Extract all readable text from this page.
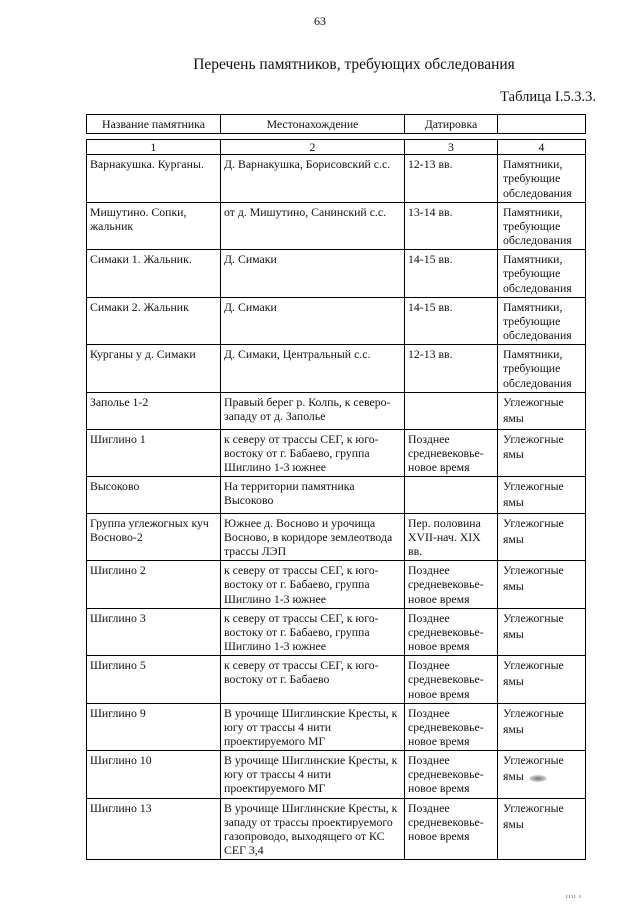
63
Перечень памятников, требующих обследования
Таблица I.5.3.3.
Название памятника	Местонахождение	Датировка	

1	2	3	4
Варнакушка. Курганы.	Д. Варнакушка, Борисовский с.с.	12-13 вв.	Памятники, требующие обследования
Мишутино. Сопки, жальник	от д. Мишутино, Санинский с.с.	13-14 вв.	Памятники, требующие обследования
Симаки 1. Жальник.	Д. Симаки	14-15 вв.	Памятники, требующие обследования
Симаки 2. Жальник	Д. Симаки	14-15 вв.	Памятники, требующие обследования
Курганы у д. Симаки	Д. Симаки, Центральный с.с.	12-13 вв.	Памятники, требующие обследования
Заполье 1-2	Правый берег р. Колпь, к северо-западу от д. Заполье		Углежогные ямы
Шиглино 1	к северу от трассы СЕГ, к юго-востоку от г. Бабаево, группа Шиглино 1-3 южнее	Позднее средневековье-новое время	Углежогные ямы
Высоково	На территории памятника Высоково		Углежогные ямы
Группа углежогных куч Восново-2	Южнее д. Восново и урочища Восново, в коридоре землеотвода трассы ЛЭП	Пер. половина XVII-нач. XIX вв.	Углежогные ямы
Шиглино 2	к северу от трассы СЕГ, к юго-востоку от г. Бабаево, группа Шиглино 1-3 южнее	Позднее средневековье-новое время	Углежогные ямы
Шиглино 3	к северу от трассы СЕГ, к юго-востоку от г. Бабаево, группа Шиглино 1-3 южнее	Позднее средневековье-новое время	Углежогные ямы
Шиглино 5	к северу от трассы СЕГ, к юго-востоку от г. Бабаево	Позднее средневековье-новое время	Углежогные ямы
Шиглино 9	В урочище Шиглинские Кресты, к югу от трассы 4 нити проектируемого МГ	Позднее средневековье-новое время	Углежогные ямы
Шиглино 10	В урочище Шиглинские Кресты, к югу от трассы 4 нити проектируемого МГ	Позднее средневековье-новое время	Углежогные ямы
Шиглино 13	В урочище Шиглинские Кресты, к западу от трассы проектируемого газопроводо, выходящего от КС СЕГ 3,4	Позднее средневековье-новое время	Углежогные ямы
ıııı ı
